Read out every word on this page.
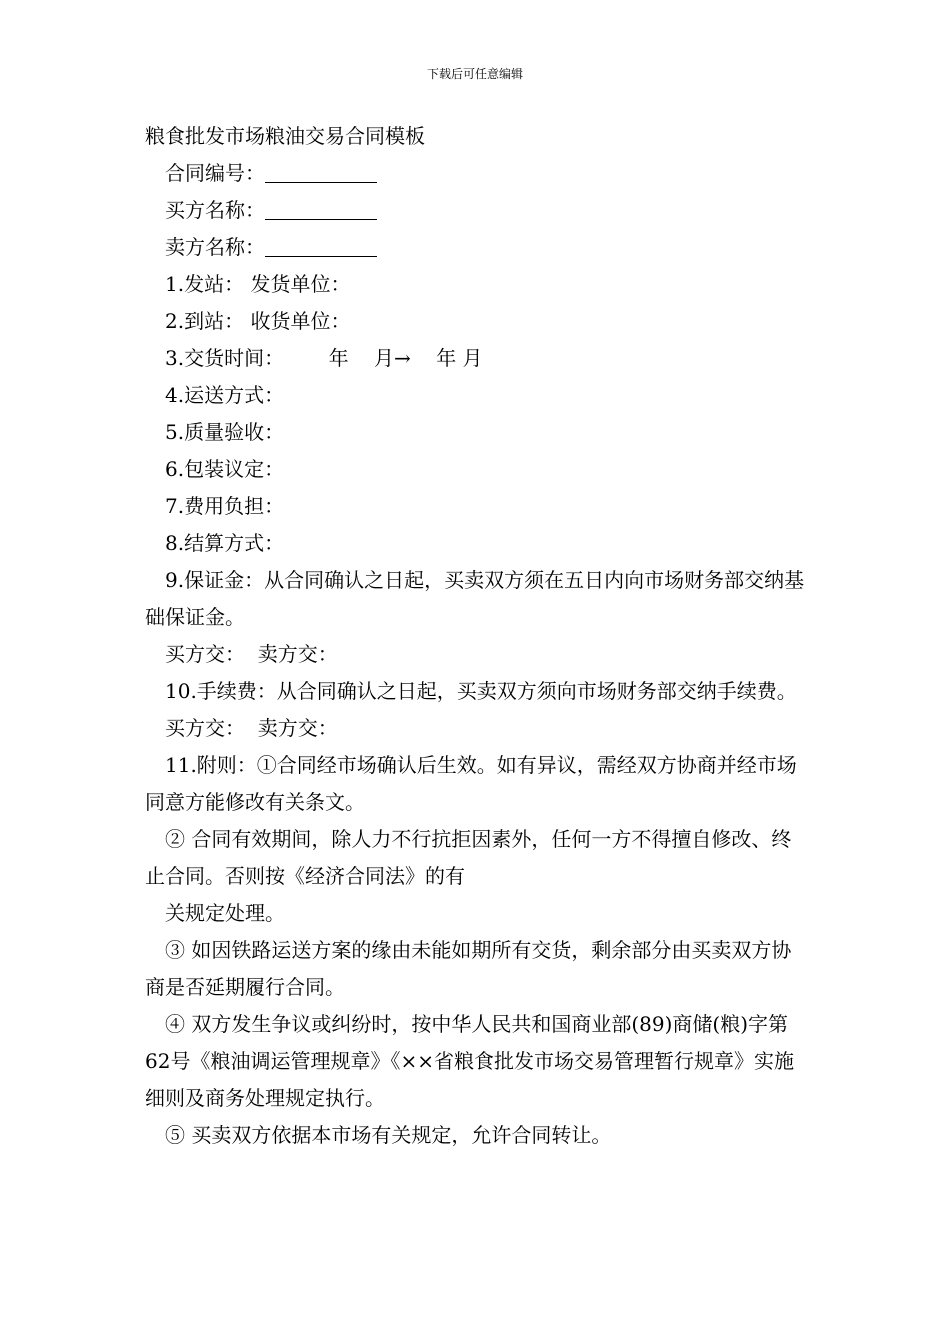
下载后可任意编辑

粮食批发市场粮油交易合同模板

合同编号：

买方名称：

卖方名称：

1.发站： 发货单位：

2.到站： 收货单位：

3.交货时间：       年    月→    年 月

4.运送方式：

5.质量验收：

6.包装议定：

7.费用负担：

8.结算方式：

9.保证金：从合同确认之日起，买卖双方须在五日内向市场财务部交纳基础保证金。

买方交：  卖方交：

10.手续费：从合同确认之日起，买卖双方须向市场财务部交纳手续费。

买方交：  卖方交：

11.附则：①合同经市场确认后生效。如有异议，需经双方协商并经市场同意方能修改有关条文。

② 合同有效期间，除人力不行抗拒因素外，任何一方不得擅自修改、终止合同。否则按《经济合同法》的有

关规定处理。

③ 如因铁路运送方案的缘由未能如期所有交货，剩余部分由买卖双方协商是否延期履行合同。

④ 双方发生争议或纠纷时，按中华人民共和国商业部(89)商储(粮)字第62号《粮油调运管理规章》《××省粮食批发市场交易管理暂行规章》实施细则及商务处理规定执行。

⑤ 买卖双方依据本市场有关规定，允许合同转让。
